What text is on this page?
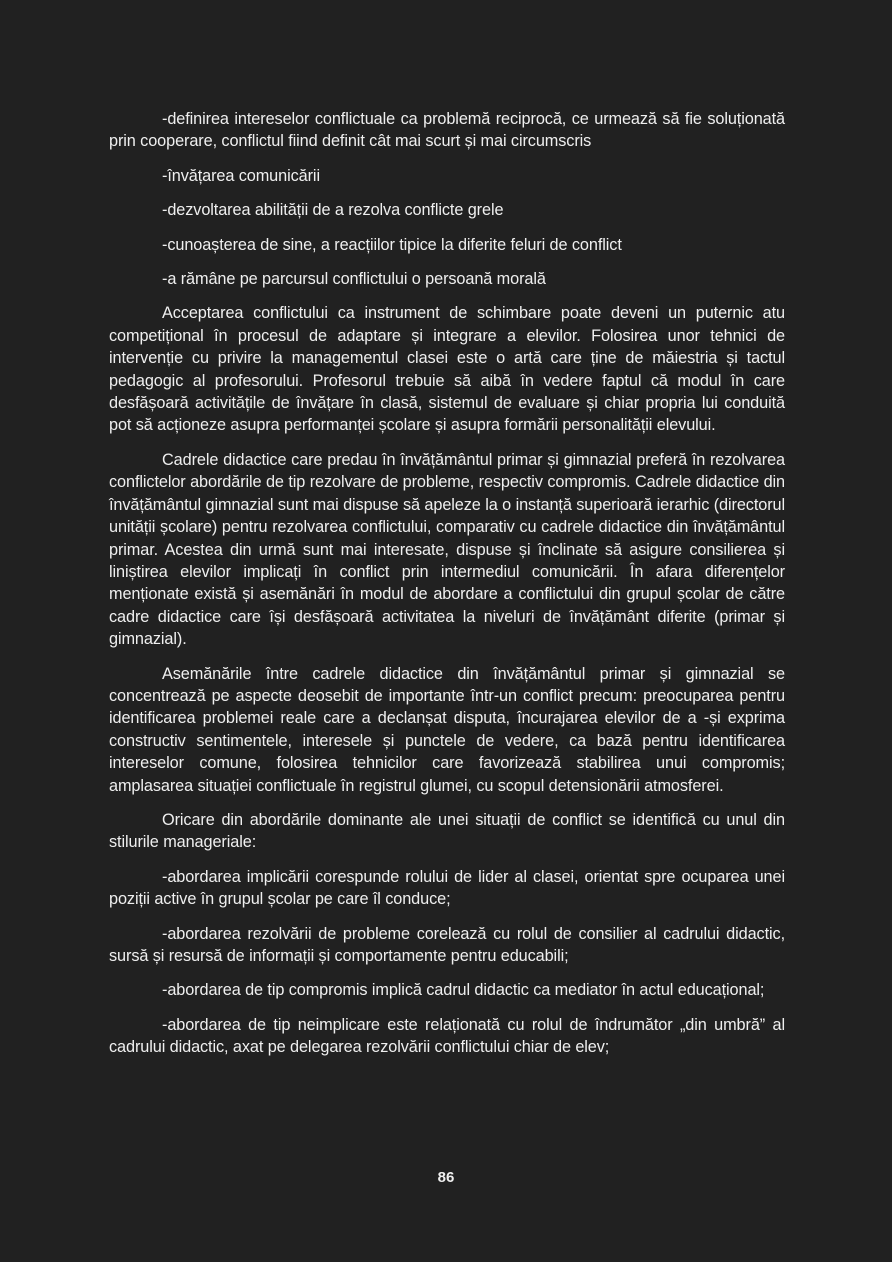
-definirea intereselor conflictuale ca problemă reciprocă, ce urmează să fie soluționată prin cooperare, conflictul fiind definit cât mai scurt și mai circumscris

-învățarea comunicării

-dezvoltarea abilității de a rezolva conflicte grele

-cunoașterea de sine, a reacțiilor tipice la diferite feluri de conflict

-a rămâne pe parcursul conflictului o persoană morală

Acceptarea conflictului ca instrument de schimbare poate deveni un puternic atu competițional în procesul de adaptare și integrare a elevilor. Folosirea unor tehnici de intervenție cu privire la managementul clasei este o artă care ține de măiestria și tactul pedagogic al profesorului. Profesorul trebuie să aibă în vedere faptul că modul în care desfășoară activitățile de învățare în clasă, sistemul de evaluare și chiar propria lui conduită pot să acționeze asupra performanței școlare și asupra formării personalității elevului.

Cadrele didactice care predau în învățământul primar și gimnazial preferă în rezolvarea conflictelor abordările de tip rezolvare de probleme, respectiv compromis. Cadrele didactice din învățământul gimnazial sunt mai dispuse să apeleze la o instanță superioară ierarhic (directorul unității școlare) pentru rezolvarea conflictului, comparativ cu cadrele didactice din învățământul primar. Acestea din urmă sunt mai interesate, dispuse și înclinate să asigure consilierea și liniștirea elevilor implicați în conflict prin intermediul comunicării. În afara diferențelor menționate există și asemănări în modul de abordare a conflictului din grupul școlar de către cadre didactice care își desfășoară activitatea la niveluri de învățământ diferite (primar și gimnazial).

Asemănările între cadrele didactice din învățământul primar și gimnazial se concentrează pe aspecte deosebit de importante într-un conflict precum: preocuparea pentru identificarea problemei reale care a declanșat disputa, încurajarea elevilor de a -și exprima constructiv sentimentele, interesele și punctele de vedere, ca bază pentru identificarea intereselor comune, folosirea tehnicilor care favorizează stabilirea unui compromis; amplasarea situației conflictuale în registrul glumei, cu scopul detensionării atmosferei.

Oricare din abordările dominante ale unei situații de conflict se identifică cu unul din stilurile manageriale:

-abordarea implicării corespunde rolului de lider al clasei, orientat spre ocuparea unei poziții active în grupul școlar pe care îl conduce;

-abordarea rezolvării de probleme corelează cu rolul de consilier al cadrului didactic, sursă și resursă de informații și comportamente pentru educabili;

-abordarea de tip compromis implică cadrul didactic ca mediator în actul educațional;

-abordarea de tip neimplicare este relaționată cu rolul de îndrumător „din umbră” al cadrului didactic, axat pe delegarea rezolvării conflictului chiar de elev;

86
